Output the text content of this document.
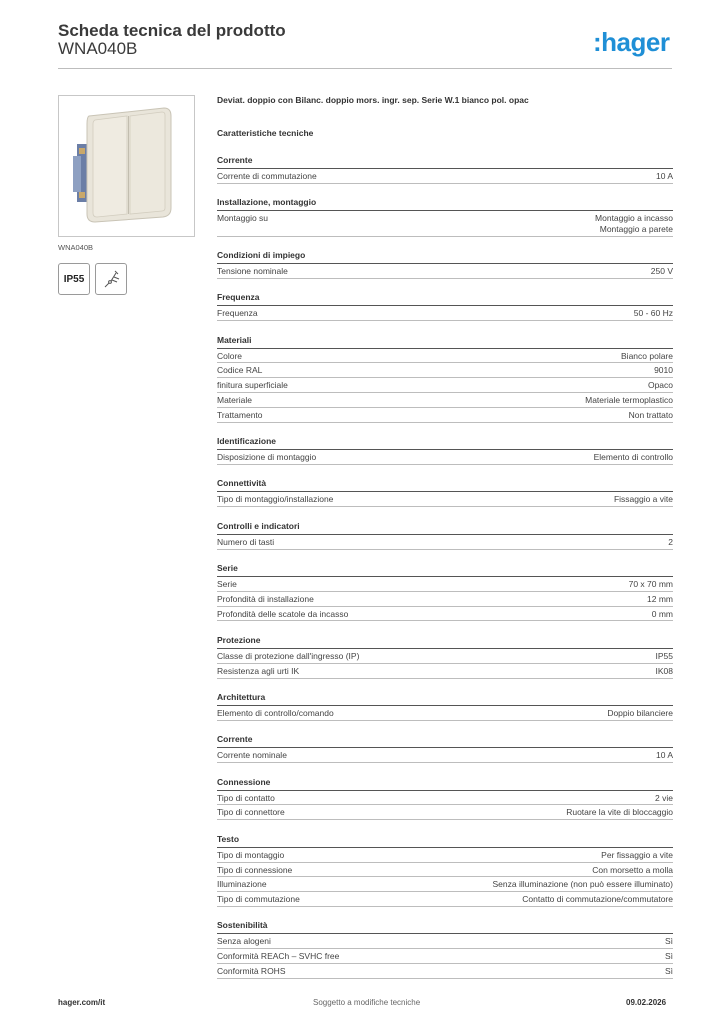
Scheda tecnica del prodotto
WNA040B	:hager
WNA040B
IP55
Deviat. doppio con Bilanc. doppio mors. ingr. sep. Serie W.1 bianco pol. opac
Caratteristiche tecniche
Corrente
Corrente di commutazione	10 A
Installazione, montaggio
Montaggio su	Montaggio a incasso
Montaggio a parete
Condizioni di impiego
Tensione nominale	250 V
Frequenza
Frequenza	50 - 60 Hz
Materiali
Colore	Bianco polare
Codice RAL	9010
finitura superficiale	Opaco
Materiale	Materiale termoplastico
Trattamento	Non trattato
Identificazione
Disposizione di montaggio	Elemento di controllo
Connettività
Tipo di montaggio/installazione	Fissaggio a vite
Controlli e indicatori
Numero di tasti	2
Serie
Serie	70 x 70 mm
Profondità di installazione	12 mm
Profondità delle scatole da incasso	0 mm
Protezione
Classe di protezione dall'ingresso (IP)	IP55
Resistenza agli urti IK	IK08
Architettura
Elemento di controllo/comando	Doppio bilanciere
Corrente
Corrente nominale	10 A
Connessione
Tipo di contatto	2 vie
Tipo di connettore	Ruotare la vite di bloccaggio
Testo
Tipo di montaggio	Per fissaggio a vite
Tipo di connessione	Con morsetto a molla
Illuminazione	Senza illuminazione (non può essere illuminato)
Tipo di commutazione	Contatto di commutazione/commutatore
Sostenibilità
Senza alogeni	Sì
Conformità REACh – SVHC free	Sì
Conformità ROHS	Sì
hager.com/it	Soggetto a modifiche tecniche	09.02.2026
